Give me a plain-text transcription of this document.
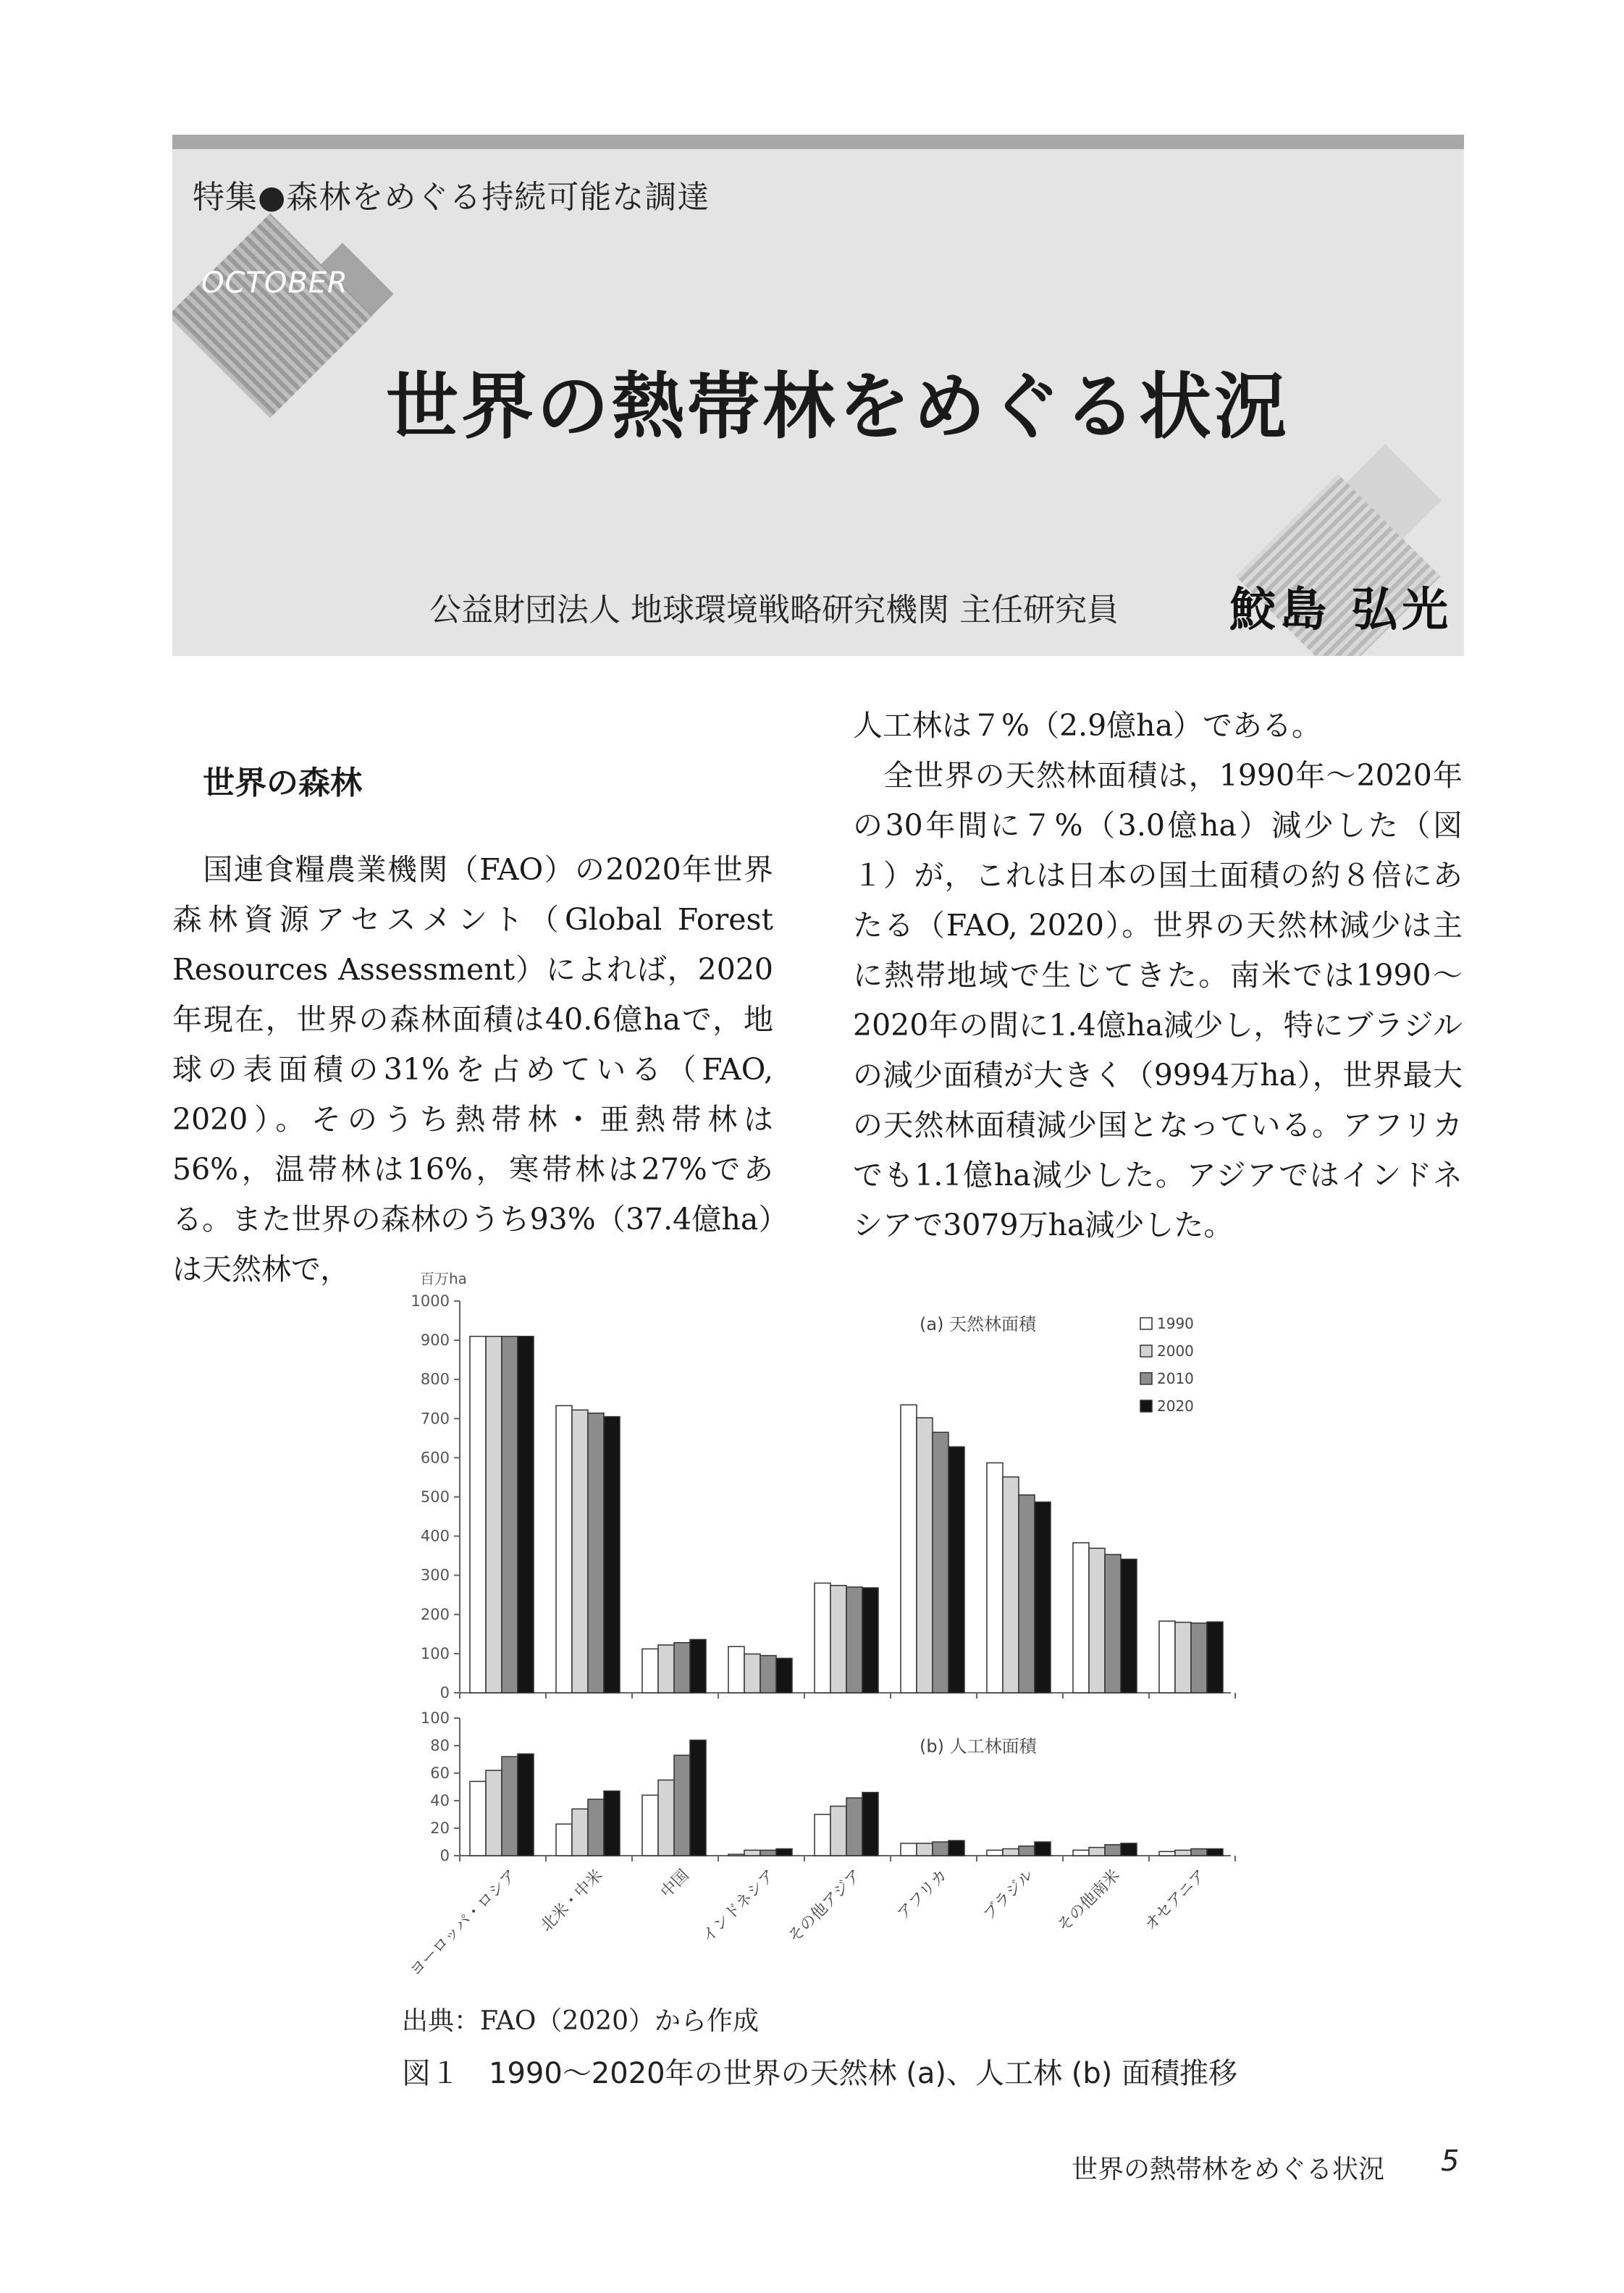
特集●森林をめぐる持続可能な調達
OCTOBER
世界の熱帯林をめぐる状況
公益財団法人 地球環境戦略研究機関 主任研究員 鮫島 弘光
世界の森林

　国連食糧農業機関（FAO）の2020年世界森林資源アセスメント（Global Forest Resources Assessment）によれば，2020年現在，世界の森林面積は40.6億haで，地球の表面積の31%を占めている（FAO, 2020）。そのうち熱帯林・亜熱帯林は56%，温帯林は16%，寒帯林は27%である。また世界の森林のうち93%（37.4億ha）は天然林で，

人工林は７%（2.9億ha）である。

　全世界の天然林面積は，1990年～2020年の30年間に７%（3.0億ha）減少した（図１）が，これは日本の国土面積の約８倍にあたる（FAO, 2020）。世界の天然林減少は主に熱帯地域で生じてきた。南米では1990～2020年の間に1.4億ha減少し，特にブラジルの減少面積が大きく（9994万ha），世界最大の天然林面積減少国となっている。アフリカでも1.1億ha減少した。アジアではインドネシアで3079万ha減少した。

0
100
200
300
400
500
600
700
800
900
1000
(a) 天然林面積
百万ha
1990
2000
2010
2020
0
20
40
60
80
100
(b) 人工林面積
ヨーロッパ・ロシア 北米・中米	中国 インドネシア その他アジア アフリカ ブラジル その他南米 オセアニア
出典：FAO（2020）から作成
図１　1990～2020年の世界の天然林 (a)、人工林 (b) 面積推移
世界の熱帯林をめぐる状況 5
